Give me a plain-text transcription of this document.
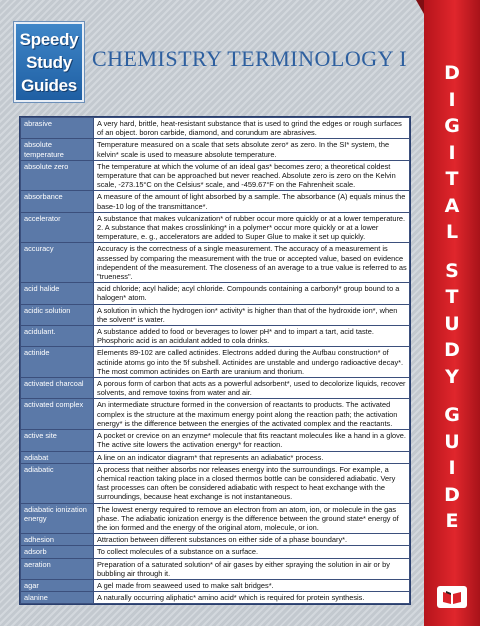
Speedy
Study
Guides
CHEMISTRY TERMINOLOGY I
D
I
G
I
T
A
L
S
T
U
D
Y
G
U
I
D
E
abrasive	A very hard, brittle, heat-resistant substance that is used to grind the edges or rough surfaces of an object. boron carbide, diamond, and corundum are abrasives.
absolute temperature	Temperature measured on a scale that sets absolute zero* as zero. In the SI* system, the kelvin* scale is used to measure absolute temperature.
absolute zero	The temperature at which the volume of an ideal gas* becomes zero; a theoretical coldest temperature that can be approached but never reached. Absolute zero is zero on the Kelvin scale, -273.15°C on the Celsius* scale, and -459.67°F on the Fahrenheit scale.
absorbance	A measure of the amount of light absorbed by a sample. The absorbance (A) equals minus the base-10 log of the transmittance*.
accelerator	A substance that makes vulcanization* of rubber occur more quickly or at a lower temperature. 2. A substance that makes crosslinking* in a polymer* occur more quickly or at a lower temperature, e. g., accelerators are added to Super Glue to make it set up quickly.
accuracy	Accuracy is the correctness of a single measurement. The accuracy of a measurement is assessed by comparing the measurement with the true or accepted value, based on evidence independent of the measurement. The closeness of an average to a true value is referred to as "trueness".
acid halide	acid chloride; acyl halide; acyl chloride. Compounds containing a carbonyl* group bound to a halogen* atom.
acidic solution	A solution in which the hydrogen ion* activity* is higher than that of the hydroxide ion*, when the solvent* is water.
acidulant.	A substance added to food or beverages to lower pH* and to impart a tart, acid taste. Phosphoric acid is an acidulant added to cola drinks.
actinide	Elements 89-102 are called actinides. Electrons added during the Aufbau construction* of actinide atoms go into the 5f subshell. Actinides are unstable and undergo radioactive decay*. The most common actinides on Earth are uranium and thorium.
activated charcoal	A porous form of carbon that acts as a powerful adsorbent*, used to decolorize liquids, recover solvents, and remove toxins from water and air.
activated complex	An intermediate structure formed in the conversion of reactants to products. The activated complex is the structure at the maximum energy point along the reaction path; the activation energy* is the difference between the energies of the activated complex and the reactants.
active site	A pocket or crevice on an enzyme* molecule that fits reactant molecules like a hand in a glove. The active site lowers the activation energy* for reaction.
adiabat	A line on an indicator diagram* that represents an adiabatic* process.
adiabatic	A process that neither absorbs nor releases energy into the surroundings. For example, a chemical reaction taking place in a closed thermos bottle can be considered adiabatic. Very fast processes can often be considered adiabatic with respect to heat exchange with the surroundings, because heat exchange is not instantaneous.
adiabatic ionization energy	The lowest energy required to remove an electron from an atom, ion, or molecule in the gas phase. The adiabatic ionization energy is the difference between the ground state* energy of the ion formed and the energy of the original atom, molecule, or ion.
adhesion	Attraction between different substances on either side of a phase boundary*.
adsorb	To collect molecules of a substance on a surface.
aeration	Preparation of a saturated solution* of air gases by either spraying the solution in air or by bubbling air through it.
agar	A gel made from seaweed used to make salt bridges*.
alanine	A naturally occurring aliphatic* amino acid* which is required for protein synthesis.
